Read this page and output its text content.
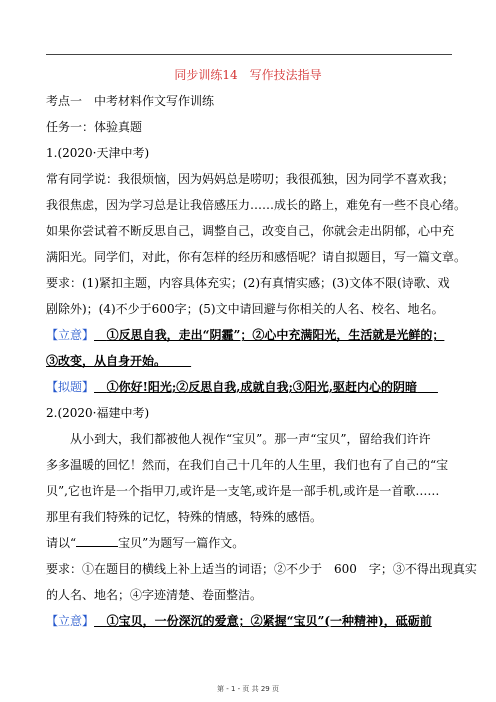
同步训练14　写作技法指导
考点一　中考材料作文写作训练
任务一：体验真题
1.(2020·天津中考)
常有同学说：我很烦恼，因为妈妈总是唠叨；我很孤独，因为同学不喜欢我；
我很焦虑，因为学习总是让我倍感压力……成长的路上，难免有一些不良心绪。
如果你尝试着不断反思自己，调整自己，改变自己，你就会走出阴郁，心中充
满阳光。同学们，对此，你有怎样的经历和感悟呢？请自拟题目，写一篇文章。
要求：(1)紧扣主题，内容具体充实；(2)有真情实感；(3)文体不限(诗歌、戏
剧除外)；(4)不少于600字；(5)文中请回避与你相关的人名、校名、地名。
【立意】 ①反思自我，走出“阴霾”；②心中充满阳光，生活就是光鲜的；
③改变，从自身开始。
【拟题】 ①你好!阳光;②反思自我,成就自我;③阳光,驱赶内心的阴暗
2.(2020·福建中考)
从小到大，我们都被他人视作“宝贝”。那一声“宝贝”，留给我们许许
多多温暖的回忆！然而，在我们自己十几年的人生里，我们也有了自己的“宝
贝”,它也许是一个指甲刀,或许是一支笔,或许是一部手机,或许是一首歌……
那里有我们特殊的记忆，特殊的情感，特殊的感悟。
请以“	宝贝”为题写一篇作文。
要求：①在题目的横线上补上适当的词语；②不少于　600　字；③不得出现真实
的人名、地名；④字迹清楚、卷面整洁。
【立意】 ①宝贝，一份深沉的爱意；②紧握“宝贝”(一种精神)，砥砺前
第 - 1 - 页 共 29 页
